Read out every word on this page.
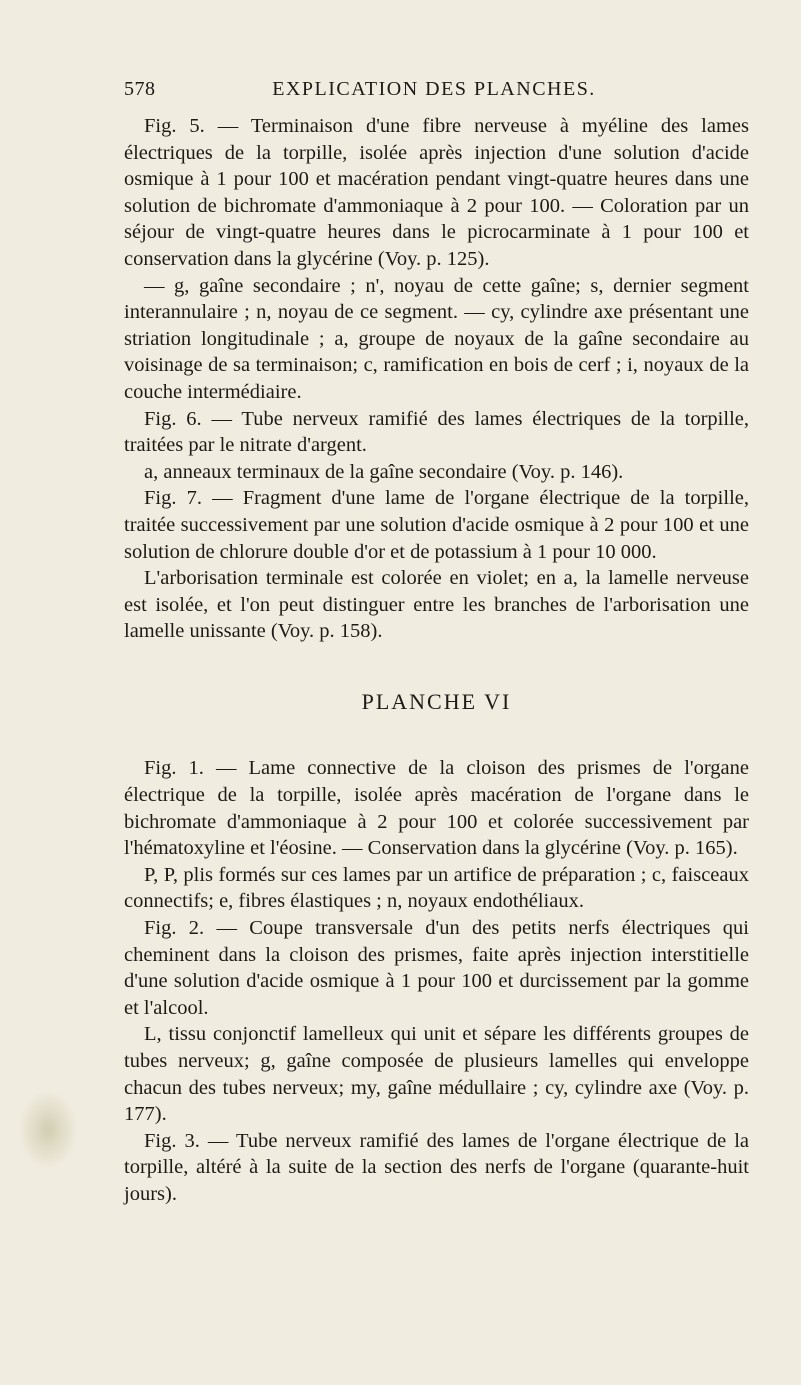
578	EXPLICATION DES PLANCHES.

Fig. 5. — Terminaison d'une fibre nerveuse à myéline des lames électriques de la torpille, isolée après injection d'une solution d'acide osmique à 1 pour 100 et macération pendant vingt-quatre heures dans une solution de bichromate d'ammoniaque à 2 pour 100. — Coloration par un séjour de vingt-quatre heures dans le picrocarminate à 1 pour 100 et conservation dans la glycérine (Voy. p. 125).

— g, gaîne secondaire ; n', noyau de cette gaîne; s, dernier segment interannulaire ; n, noyau de ce segment. — cy, cylindre axe présentant une striation longitudinale ; a, groupe de noyaux de la gaîne secondaire au voisinage de sa terminaison; c, ramification en bois de cerf ; i, noyaux de la couche intermédiaire.

Fig. 6. — Tube nerveux ramifié des lames électriques de la torpille, traitées par le nitrate d'argent.

a, anneaux terminaux de la gaîne secondaire (Voy. p. 146).

Fig. 7. — Fragment d'une lame de l'organe électrique de la torpille, traitée successivement par une solution d'acide osmique à 2 pour 100 et une solution de chlorure double d'or et de potassium à 1 pour 10 000.

L'arborisation terminale est colorée en violet; en a, la lamelle nerveuse est isolée, et l'on peut distinguer entre les branches de l'arborisation une lamelle unissante (Voy. p. 158).

PLANCHE VI

Fig. 1. — Lame connective de la cloison des prismes de l'organe électrique de la torpille, isolée après macération de l'organe dans le bichromate d'ammoniaque à 2 pour 100 et colorée successivement par l'hématoxyline et l'éosine. — Conservation dans la glycérine (Voy. p. 165).

P, P, plis formés sur ces lames par un artifice de préparation ; c, faisceaux connectifs; e, fibres élastiques ; n, noyaux endothéliaux.

Fig. 2. — Coupe transversale d'un des petits nerfs électriques qui cheminent dans la cloison des prismes, faite après injection interstitielle d'une solution d'acide osmique à 1 pour 100 et durcissement par la gomme et l'alcool.

L, tissu conjonctif lamelleux qui unit et sépare les différents groupes de tubes nerveux; g, gaîne composée de plusieurs lamelles qui enveloppe chacun des tubes nerveux; my, gaîne médullaire ; cy, cylindre axe (Voy. p. 177).

Fig. 3. — Tube nerveux ramifié des lames de l'organe électrique de la torpille, altéré à la suite de la section des nerfs de l'organe (quarante-huit jours).
